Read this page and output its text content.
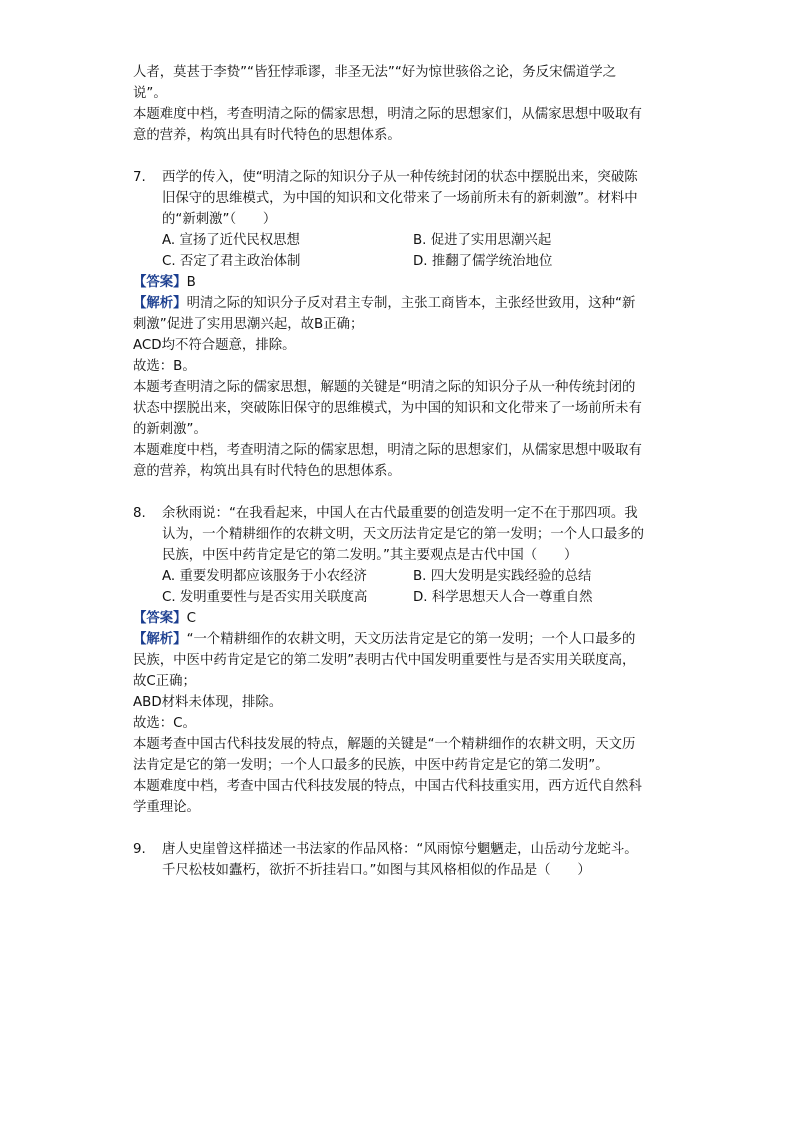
人者，莫甚于李贽”“皆狂悖乖谬，非圣无法”“好为惊世骇俗之论，务反宋儒道学之
说”。
本题难度中档，考查明清之际的儒家思想，明清之际的思想家们，从儒家思想中吸取有
意的营养，构筑出具有时代特色的思想体系。
7. 西学的传入，使“明清之际的知识分子从一种传统封闭的状态中摆脱出来，突破陈
旧保守的思维模式，为中国的知识和文化带来了一场前所未有的新刺激”。材料中
的“新刺激”（　　）
A. 宣扬了近代民权思想	B. 促进了实用思潮兴起
C. 否定了君主政治体制	D. 推翻了儒学统治地位
【答案】B
【解析】明清之际的知识分子反对君主专制，主张工商皆本，主张经世致用，这种“新
刺激”促进了实用思潮兴起，故B正确；
ACD均不符合题意，排除。
故选：B。
本题考查明清之际的儒家思想，解题的关键是“明清之际的知识分子从一种传统封闭的
状态中摆脱出来，突破陈旧保守的思维模式，为中国的知识和文化带来了一场前所未有
的新刺激”。
本题难度中档，考查明清之际的儒家思想，明清之际的思想家们，从儒家思想中吸取有
意的营养，构筑出具有时代特色的思想体系。
8. 余秋雨说：“在我看起来，中国人在古代最重要的创造发明一定不在于那四项。我
认为，一个精耕细作的农耕文明，天文历法肯定是它的第一发明；一个人口最多的
民族，中医中药肯定是它的第二发明。”其主要观点是古代中国（　　）
A. 重要发明都应该服务于小农经济	B. 四大发明是实践经验的总结
C. 发明重要性与是否实用关联度高	D. 科学思想天人合一尊重自然
【答案】C
【解析】“一个精耕细作的农耕文明，天文历法肯定是它的第一发明；一个人口最多的
民族，中医中药肯定是它的第二发明”表明古代中国发明重要性与是否实用关联度高，
故C正确；
ABD材料未体现，排除。
故选：C。
本题考查中国古代科技发展的特点，解题的关键是“一个精耕细作的农耕文明，天文历
法肯定是它的第一发明；一个人口最多的民族，中医中药肯定是它的第二发明”。
本题难度中档，考查中国古代科技发展的特点，中国古代科技重实用，西方近代自然科
学重理论。
9. 唐人史崖曾这样描述一书法家的作品风格：“风雨惊兮魍魉走，山岳动兮龙蛇斗。
千尺松枝如蠹朽，欲折不折挂岩口。”如图与其风格相似的作品是（　　）
